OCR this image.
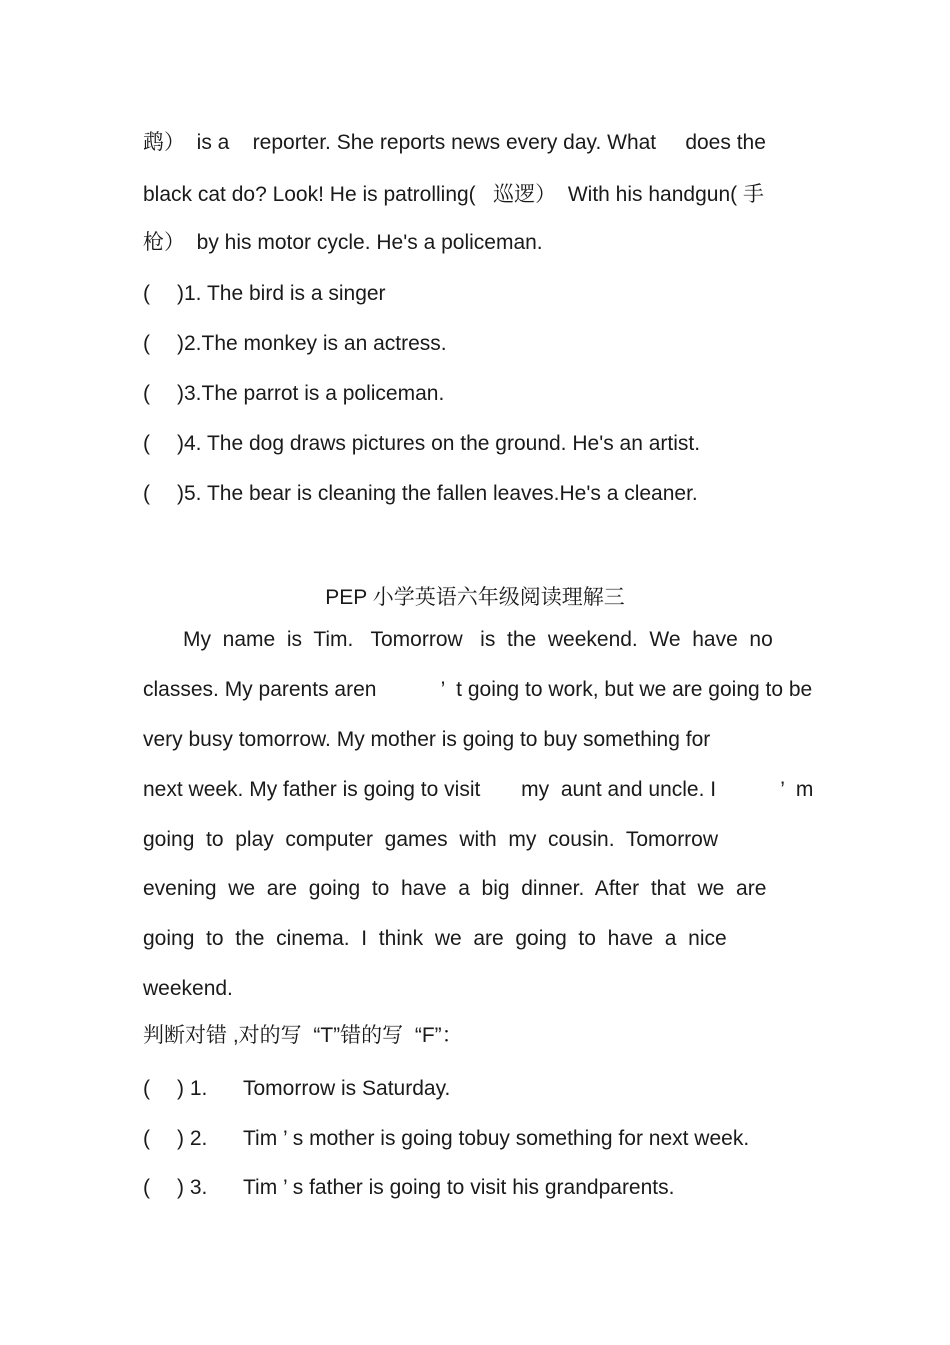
鹉）  is a    reporter. She reports news every day. What     does the
black cat do? Look! He is patrolling(   巡逻）  With his handgun( 手
枪）  by his motor cycle. He's a policeman.
( )1. The bird is a singer
( )2.The monkey is an actress.
( )3.The parrot is a policeman.
( )4. The dog draws pictures on the ground. He's an artist.
( )5. The bear is cleaning the fallen leaves.He's a cleaner.
PEP 小学英语六年级阅读理解三
My  name  is  Tim.   Tomorrow   is  the  weekend.  We  have  no
classes. My parents aren           ’  t going to work, but we are going to be
very busy tomorrow. My mother is going to buy something for
next week. My father is going to visit       my  aunt and uncle. I           ’  m
going  to  play  computer  games  with  my  cousin.  Tomorrow
evening  we  are  going  to  have  a  big  dinner.  After  that  we  are
going  to  the  cinema.  I  think  we  are  going  to  have  a  nice
weekend.
判断对错 ,对的写  “T”错的写  “F”：
( ) 1. Tomorrow is Saturday.
( ) 2. Tim ’ s mother is going tobuy something for next week.
( ) 3. Tim ’ s father is going to visit his grandparents.
